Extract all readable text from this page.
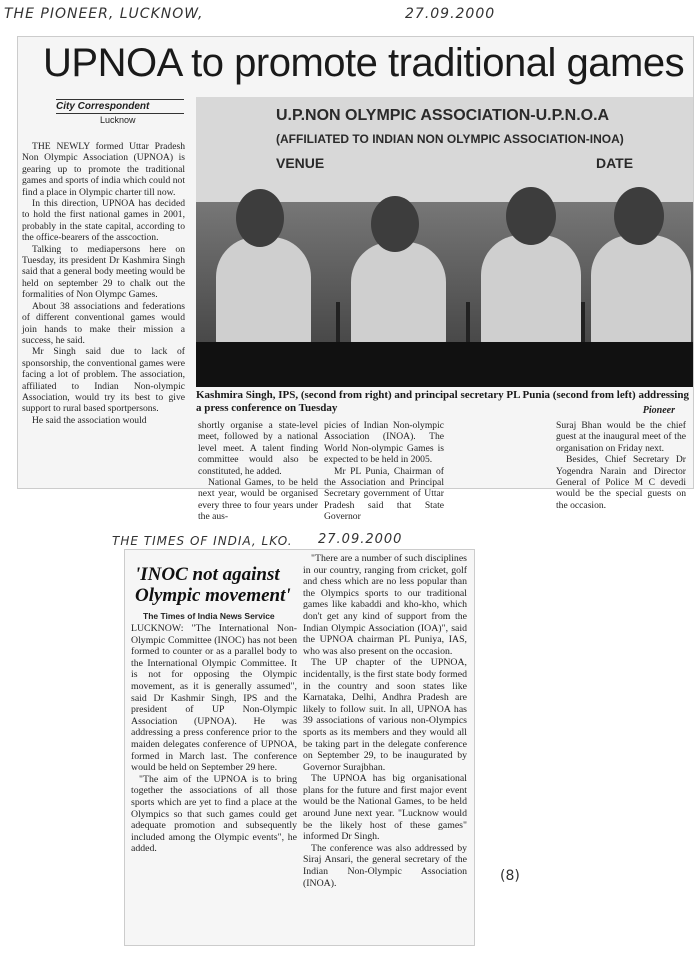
THE PIONEER, LUCKNOW,	27.09.2000
UPNOA to promote traditional games
City Correspondent
Lucknow	U.P.NON OLYMPIC ASSOCIATION-U.P.N.O.A
(AFFILIATED TO INDIAN NON OLYMPIC ASSOCIATION-INOA)
VENUE	DATE
Kashmira Singh, IPS, (second from right) and principal secretary PL Punia (second from left) addressing a press conference on Tuesday	Pioneer

THE NEWLY formed Uttar Pradesh Non Olympic Association (UPNOA) is gearing up to promote the traditional games and sports of india which could not find a place in Olympic charter till now.

In this direction, UPNOA has decided to hold the first national games in 2001, probably in the state capital, according to the office-bearers of the asscoction.

Talking to mediapersons here on Tuesday, its president Dr Kashmira Singh said that a general body meeting would be held on september 29 to chalk out the formalities of Non Olympc Games.

About 38 associations and federations of different conventional games would join hands to make their mission a success, he said.

Mr Singh said due to lack of sponsorship, the conventional games were facing a lot of problem. The association, affiliated to Indian Non-olympic Association, would try its best to give support to rural based sportpersons.

He said the association would	shortly organise a state-level meet, followed by a national level meet. A talent finding committee would also be constituted, he added.

National Games, to be held next year, would be organised every three to four years under the aus-

picies of Indian Non-olympic Association (INOA). The World Non-olympic Games is expected to be held in 2005.

Mr PL Punia, Chairman of the Association and Principal Secretary government of Uttar Pradesh said that State Governor

Suraj Bhan would be the chief guest at the inaugural meet of the organisation on Friday next.

Besides, Chief Secretary Dr Yogendra Narain and Director General of Police M C devedi would be the special guests on the occasion.

THE TIMES OF INDIA, LKO. 27.09.2000
'INOC not against Olympic movement'
The Times of India News Service

LUCKNOW: "The International Non-Olympic Committee (INOC) has not been formed to counter or as a parallel body to the International Olympic Committee. It is not for opposing the Olympic movement, as it is generally assumed", said Dr Kashmir Singh, IPS and the president of UP Non-Olympic Association (UPNOA). He was addressing a press conference prior to the maiden delegates conference of UPNOA, formed in March last. The conference would be held on September 29 here.

"The aim of the UPNOA is to bring together the associations of all those sports which are yet to find a place at the Olympics so that such games could get adequate promotion and subsequently included among the Olympic events", he added.

"There are a number of such disciplines in our country, ranging from cricket, golf and chess which are no less popular than the Olympics sports to our traditional games like kabaddi and kho-kho, which don't get any kind of support from the Indian Olympic Association (IOA)", said the UPNOA chairman PL Puniya, IAS, who was also present on the occasion.

The UP chapter of the UPNOA, incidentally, is the first state body formed in the country and soon states like Karnataka, Delhi, Andhra Pradesh are likely to follow suit. In all, UPNOA has 39 associations of various non-Olympics sports as its members and they would all be taking part in the delegate conference on September 29, to be inaugurated by Governor Surajbhan.

The UPNOA has big organisational plans for the future and first major event would be the National Games, to be held around June next year. "Lucknow would be the likely host of these games" informed Dr Singh.

The conference was also addressed by Siraj Ansari, the general secretary of the Indian Non-Olympic Association (INOA).	(8)
